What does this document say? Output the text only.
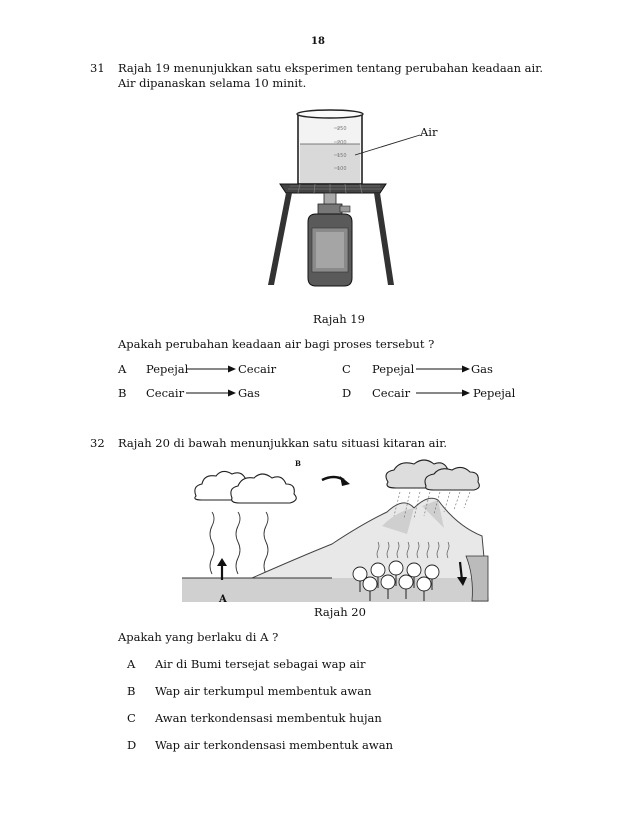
18
31 Rajah 19 menunjukkan satu eksperimen tentang perubahan keadaan air.
Air dipanaskan selama 10 minit.
250
200
150
100
Air
Rajah 19
Apakah perubahan keadaan air bagi proses tersebut ?
A Pepejal	Cecair
B Cecair	Gas
C Pepejal	Gas
D Cecair	Pepejal
32 Rajah 20 di bawah menunjukkan satu situasi kitaran air.
B
A
Rajah 20
Apakah yang berlaku di A ?
A Air di Bumi tersejat sebagai wap air
B Wap air terkumpul membentuk awan
C Awan terkondensasi membentuk hujan
D Wap air terkondensasi membentuk awan
